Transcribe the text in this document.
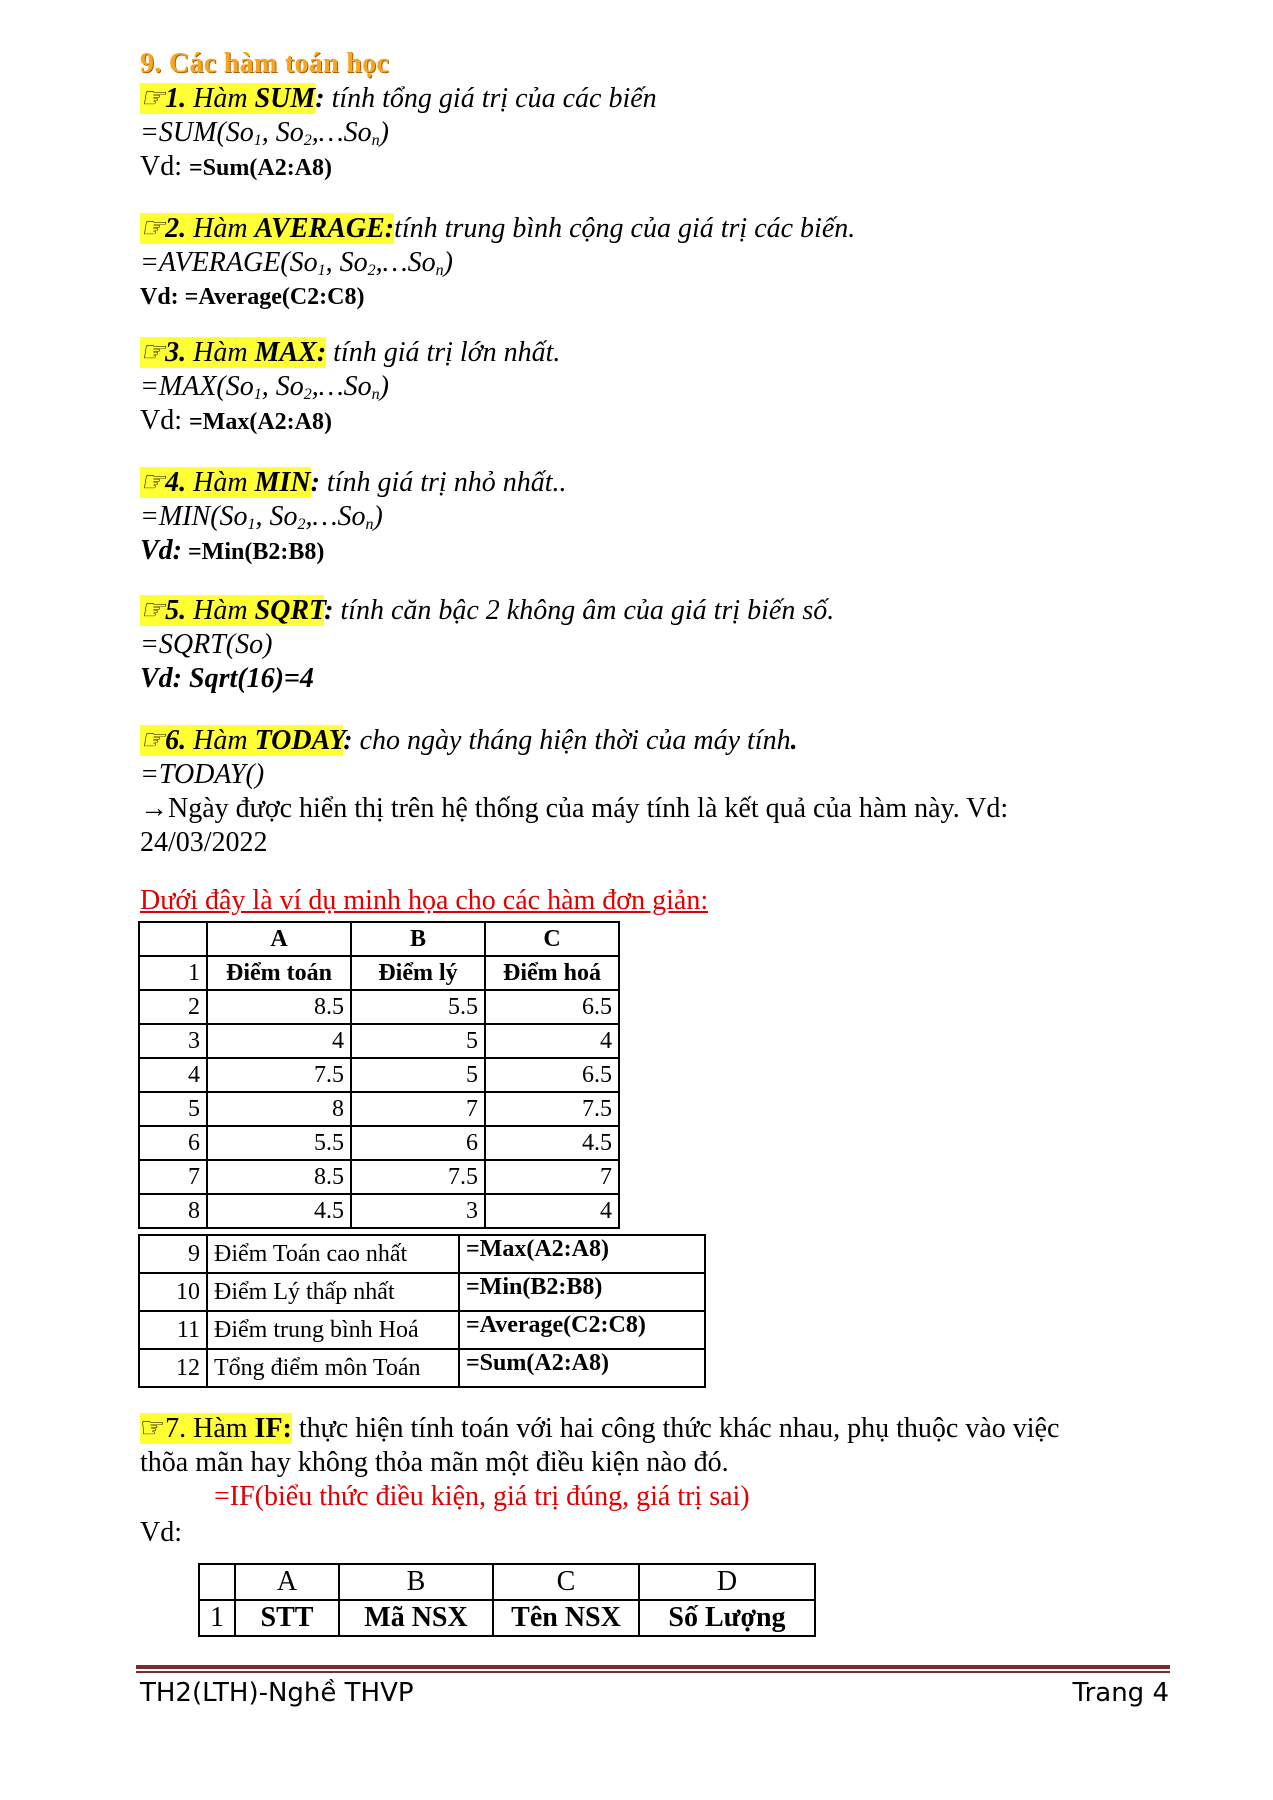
9. Các hàm toán học
☞1. Hàm SUM: tính tổng giá trị của các biến
$=SUM(So_1$, $So_2,\dots So_n$)
Vd: =Sum(A2:A8)
☞2. Hàm AVERAGE:tính trung bình cộng của giá trị các biến.
$=AVERAGE(So_1$, $So_2,\dots So_n$)
Vd: =Average(C2:C8)
☞3. Hàm MAX: tính giá trị lớn nhất.
$=MAX(So_1$, $So_2,\dots So_n$)
Vd: =Max(A2:A8)
☞4. Hàm MIN: tính giá trị nhỏ nhất..
$=MIN(So_1$, $So_2,\dots So_n$)
Vd: =Min(B2:B8)
☞5. Hàm SQRT: tính căn bậc 2 không âm của giá trị biến số.
=SQRT(So)
Vd: Sqrt(16)=4
☞6. Hàm TODAY: cho ngày tháng hiện thời của máy tính.
=TODAY()
→Ngày được hiển thị trên hệ thống của máy tính là kết quả của hàm này. Vd:
24/03/2022
Dưới đây là ví dụ minh họa cho các hàm đơn giản:
	A	B	C
1	Điểm toán	Điểm lý	Điểm hoá
2	8.5	5.5	6.5
3	4	5	4
4	7.5	5	6.5
5	8	7	7.5
6	5.5	6	4.5
7	8.5	7.5	7
8	4.5	3	4
9	Điểm Toán cao nhất	=Max(A2:A8)
10	Điểm Lý thấp nhất	=Min(B2:B8)
11	Điểm trung bình Hoá	=Average(C2:C8)
12	Tổng điểm môn Toán	=Sum(A2:A8)
☞7. Hàm IF: thực hiện tính toán với hai công thức khác nhau, phụ thuộc vào việc
thõa mãn hay không thỏa mãn một điều kiện nào đó.
=IF(biểu thức điều kiện, giá trị đúng, giá trị sai)
Vd:
	A	B	C	D
1	STT	Mã NSX	Tên NSX	Số Lượng
TH2(LTH)-Nghề THVP	Trang 4
